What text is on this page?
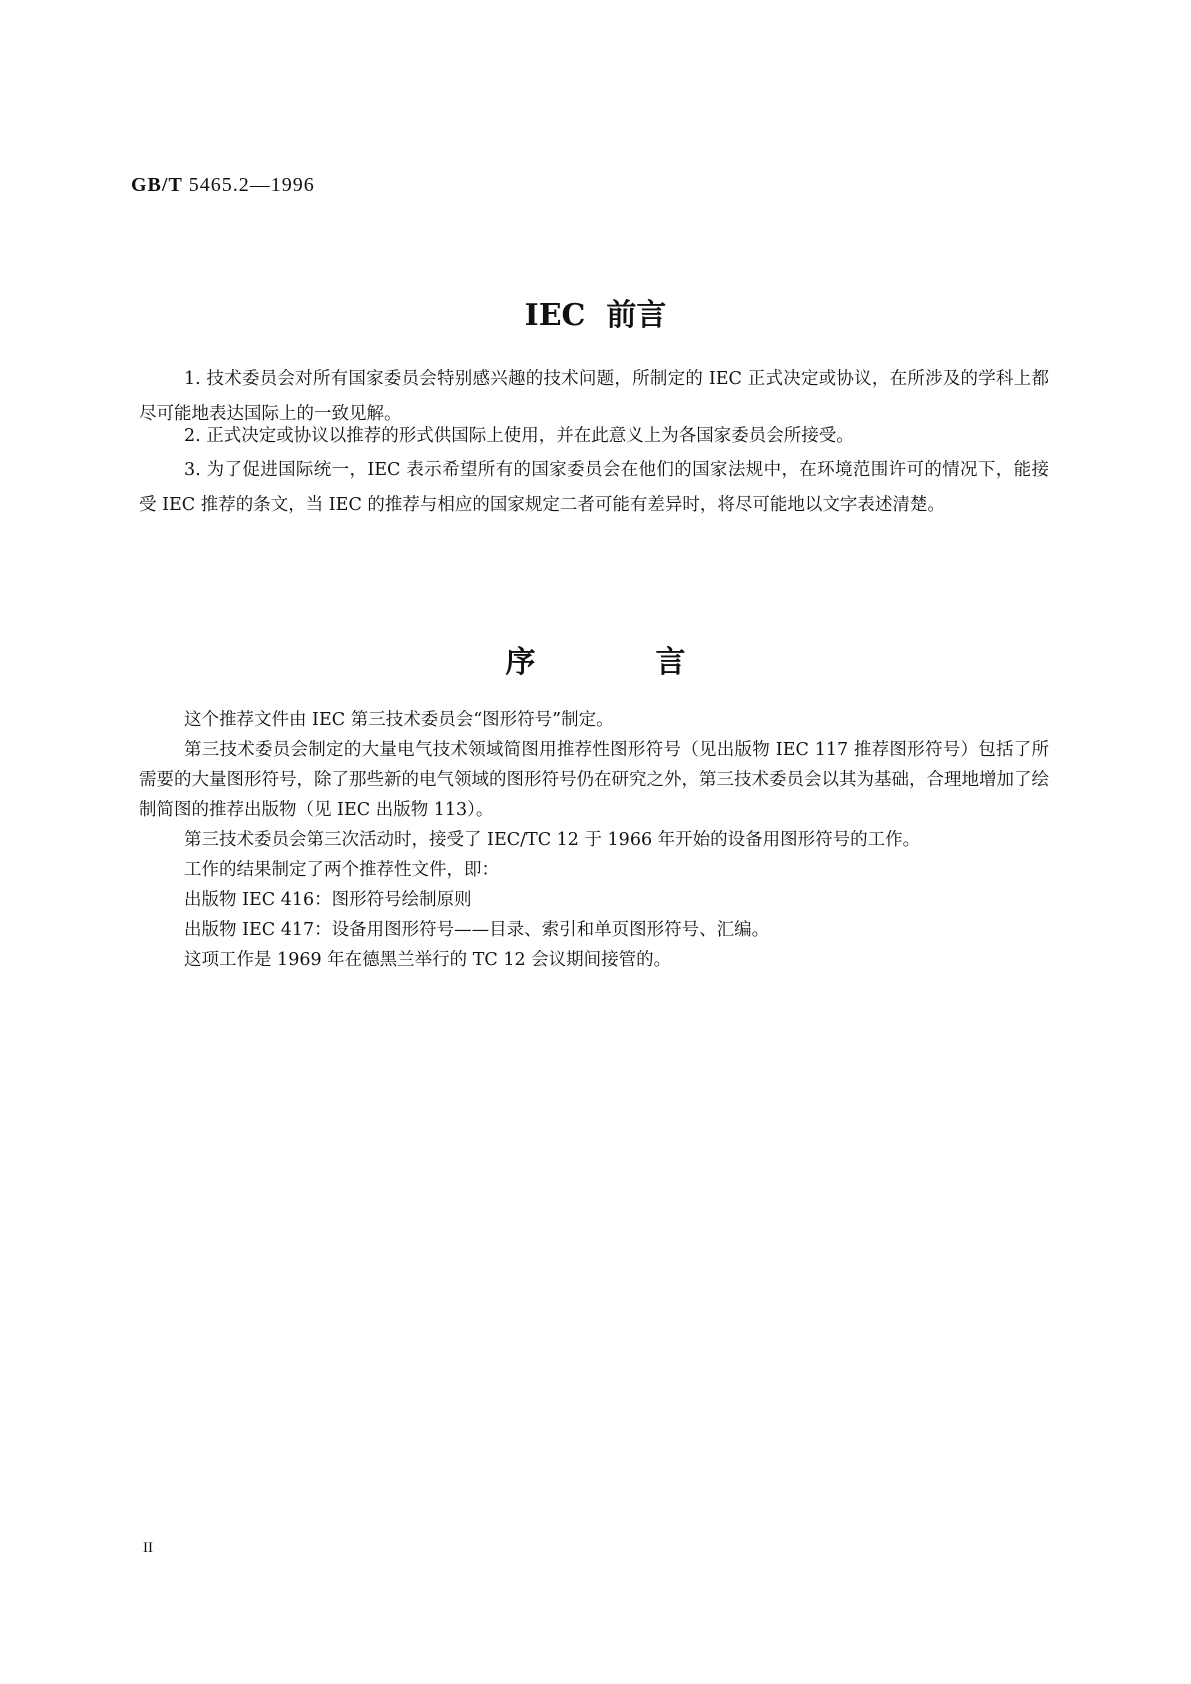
GB/T 5465.2—1996
IEC  前言

1. 技术委员会对所有国家委员会特别感兴趣的技术问题，所制定的 IEC 正式决定或协议，在所涉及的学科上都尽可能地表达国际上的一致见解。

2. 正式决定或协议以推荐的形式供国际上使用，并在此意义上为各国家委员会所接受。

3. 为了促进国际统一，IEC 表示希望所有的国家委员会在他们的国家法规中，在环境范围许可的情况下，能接受 IEC 推荐的条文，当 IEC 的推荐与相应的国家规定二者可能有差异时，将尽可能地以文字表述清楚。

序言

这个推荐文件由 IEC 第三技术委员会“图形符号”制定。

第三技术委员会制定的大量电气技术领域简图用推荐性图形符号（见出版物 IEC 117 推荐图形符号）包括了所需要的大量图形符号，除了那些新的电气领域的图形符号仍在研究之外，第三技术委员会以其为基础，合理地增加了绘制简图的推荐出版物（见 IEC 出版物 113）。

第三技术委员会第三次活动时，接受了 IEC/TC 12 于 1966 年开始的设备用图形符号的工作。

工作的结果制定了两个推荐性文件，即：

出版物 IEC 416：图形符号绘制原则

出版物 IEC 417：设备用图形符号——目录、索引和单页图形符号、汇编。

这项工作是 1969 年在德黑兰举行的 TC 12 会议期间接管的。

II
